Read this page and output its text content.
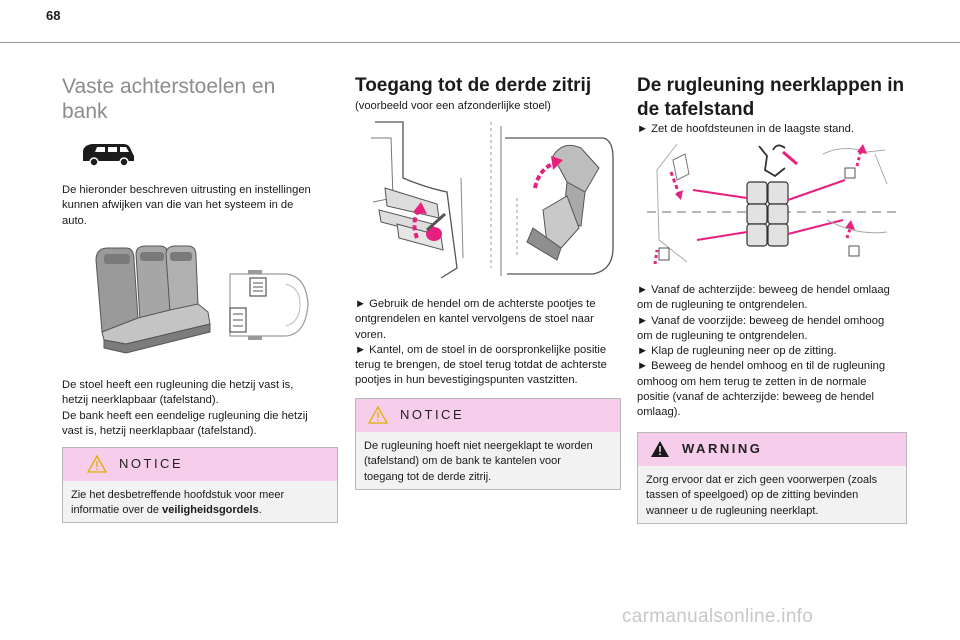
68
Vaste achterstoelen en
bank

De hieronder beschreven uitrusting en instellingen
kunnen afwijken van die van het systeem in de
auto.

De stoel heeft een rugleuning die hetzij vast is,
hetzij neerklapbaar (tafelstand).
De bank heeft een eendelige rugleuning die hetzij
vast is, hetzij neerklapbaar (tafelstand).

NOTICE

Zie het desbetreffende hoofdstuk voor meer
informatie over de veiligheidsgordels.

Toegang tot de derde zitrij

(voorbeeld voor een afzonderlijke stoel)

► Gebruik de hendel om de achterste pootjes te
ontgrendelen en kantel vervolgens de stoel naar
voren.
► Kantel, om de stoel in de oorspronkelijke positie
terug te brengen, de stoel terug totdat de achterste
pootjes in hun bevestigingspunten vastzitten.

NOTICE

De rugleuning hoeft niet neergeklapt te worden
(tafelstand) om de bank te kantelen voor
toegang tot de derde zitrij.

De rugleuning neerklappen in
de tafelstand

► Zet de hoofdsteunen in de laagste stand.

► Vanaf de achterzijde: beweeg de hendel omlaag
om de rugleuning te ontgrendelen.
► Vanaf de voorzijde: beweeg de hendel omhoog
om de rugleuning te ontgrendelen.
► Klap de rugleuning neer op de zitting.
► Beweeg de hendel omhoog en til de rugleuning
omhoog om hem terug te zetten in de normale
positie (vanaf de achterzijde: beweeg de hendel
omlaag).

WARNING

Zorg ervoor dat er zich geen voorwerpen (zoals
tassen of speelgoed) op de zitting bevinden
wanneer u de rugleuning neerklapt.

carmanualsonline.info
